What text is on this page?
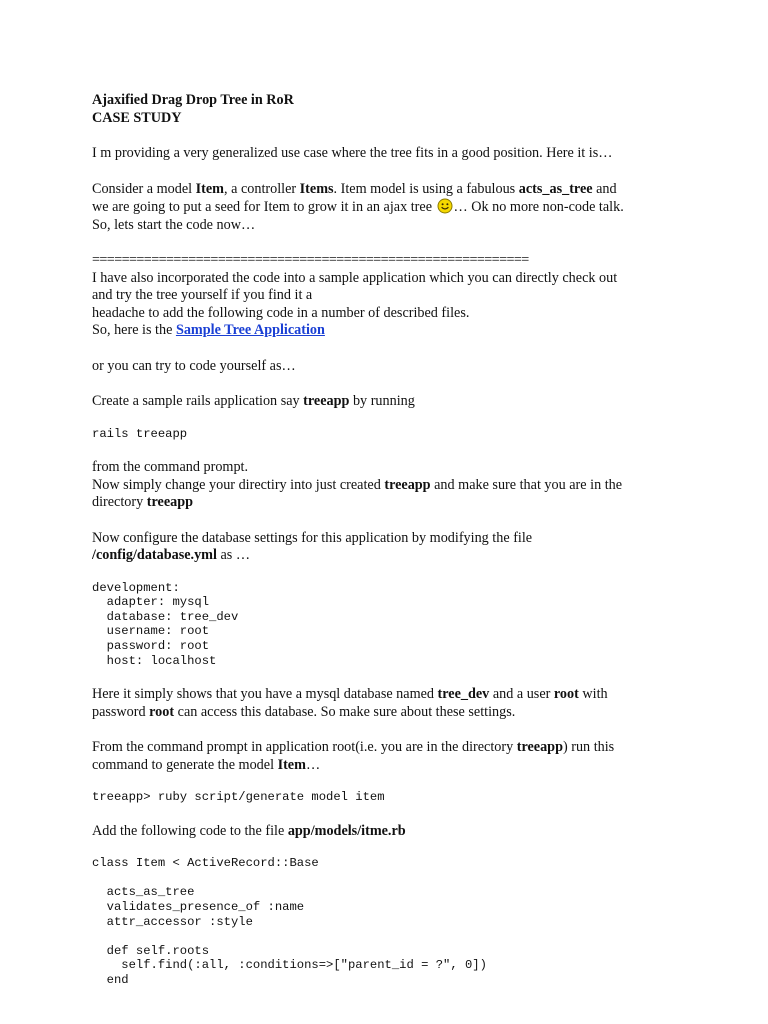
Ajaxified Drag Drop Tree in RoR

CASE STUDY

I m providing a very generalized use case where the tree fits in a good position. Here it is…

Consider a model Item, a controller Items. Item model is using a fabulous acts_as_tree and

we are going to put a seed for Item to grow it in an ajax tree … Ok no more non-code talk.

So, lets start the code now…

===========================================================

I have also incorporated the code into a sample application which you can directly check out

and try the tree yourself if you find it a

headache to add the following code in a number of described files.

So, here is the Sample Tree Application

or you can try to code yourself as…

Create a sample rails application say treeapp by running

rails treeapp

from the command prompt.

Now simply change your directiry into just created treeapp and make sure that you are in the

directory treeapp

Now configure the database settings for this application by modifying the file

/config/database.yml as …

development:
adapter: mysql
database: tree_dev
username: root
password: root
host: localhost

Here it simply shows that you have a mysql database named tree_dev and a user root with

password root can access this database. So make sure about these settings.

From the command prompt in application root(i.e. you are in the directory treeapp) run this

command to generate the model Item…

treeapp> ruby script/generate model item

Add the following code to the file app/models/itme.rb

class Item < ActiveRecord::Base

acts_as_tree
validates_presence_of :name
attr_accessor :style

def self.roots
self.find(:all, :conditions=>["parent_id = ?", 0])
end
